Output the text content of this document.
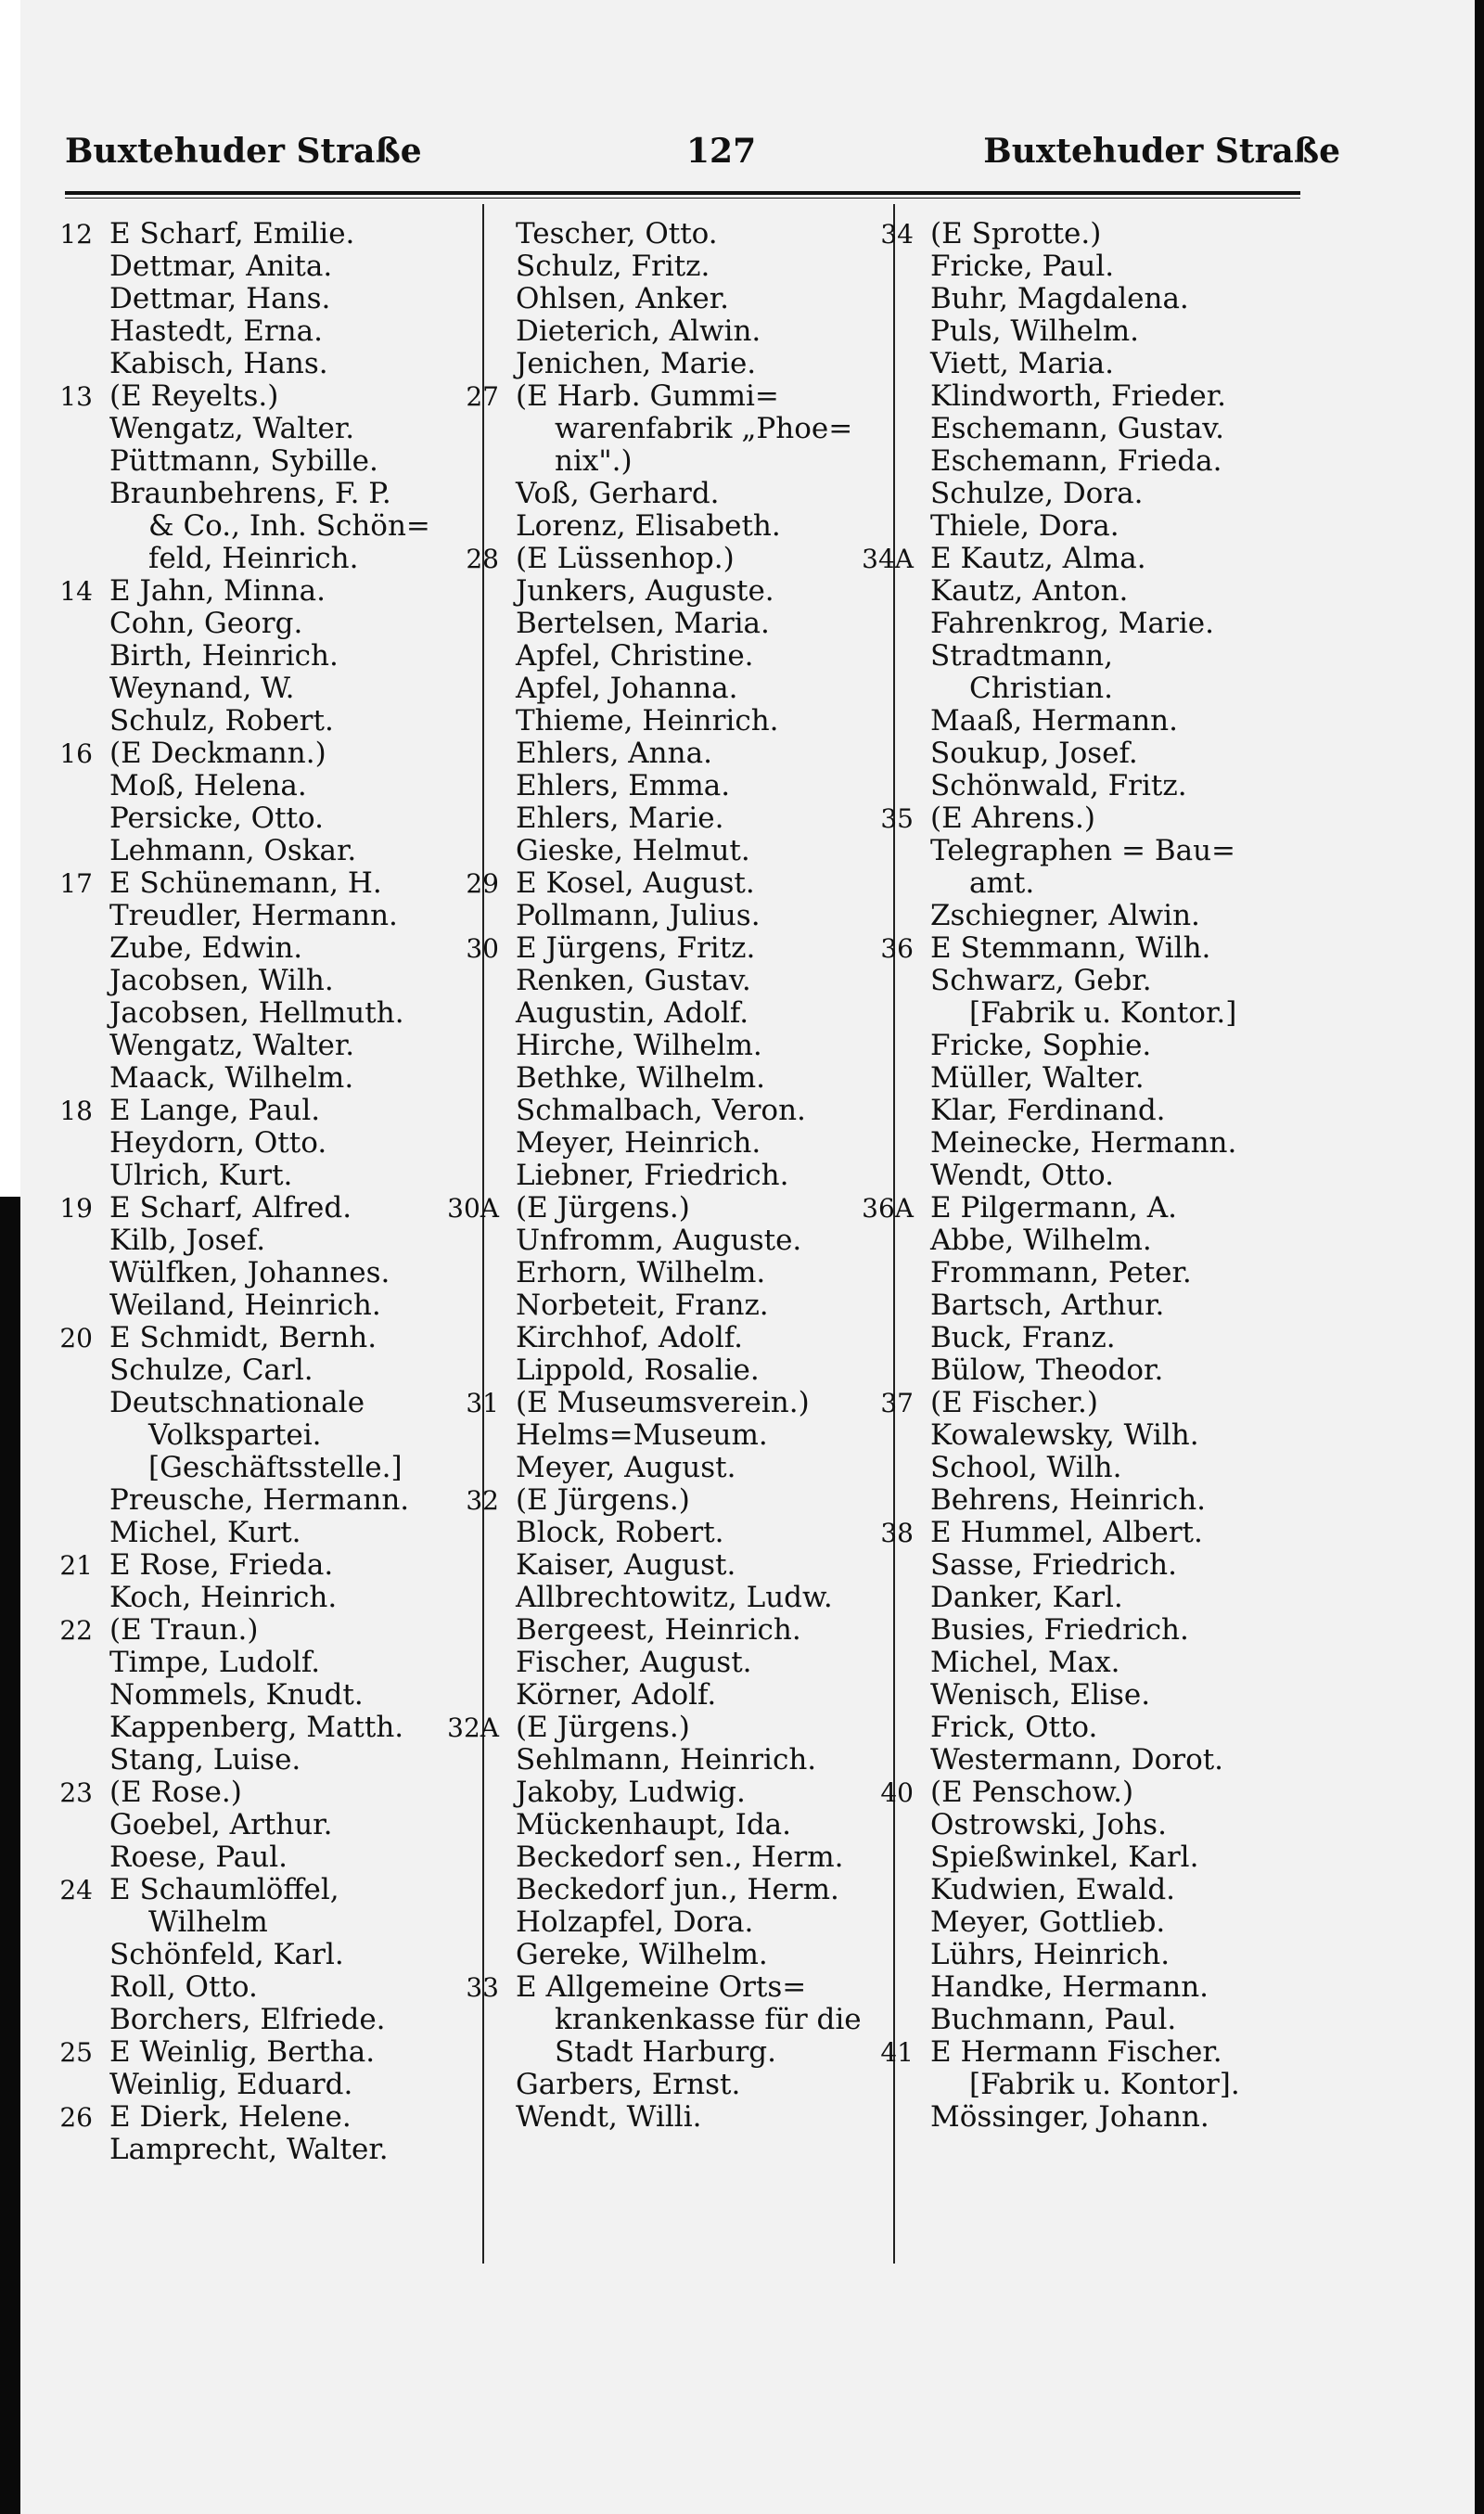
Buxtehuder Straße	127	Buxtehuder Straße
12 E Scharf, Emilie.
Dettmar, Anita.
Dettmar, Hans.
Hastedt, Erna.
Kabisch, Hans.
13 (E Reyelts.)
Wengatz, Walter.
Püttmann, Sybille.
Braunbehrens, F. P.
& Co., Inh. Schön=
feld, Heinrich.
14 E Jahn, Minna.
Cohn, Georg.
Birth, Heinrich.
Weynand, W.
Schulz, Robert.
16 (E Deckmann.)
Moß, Helena.
Persicke, Otto.
Lehmann, Oskar.
17 E Schünemann, H.
Treudler, Hermann.
Zube, Edwin.
Jacobsen, Wilh.
Jacobsen, Hellmuth.
Wengatz, Walter.
Maack, Wilhelm.
18 E Lange, Paul.
Heydorn, Otto.
Ulrich, Kurt.
19 E Scharf, Alfred.
Kilb, Josef.
Wülfken, Johannes.
Weiland, Heinrich.
20 E Schmidt, Bernh.
Schulze, Carl.
Deutschnationale
Volkspartei.
[Geschäftsstelle.]
Preusche, Hermann.
Michel, Kurt.
21 E Rose, Frieda.
Koch, Heinrich.
22 (E Traun.)
Timpe, Ludolf.
Nommels, Knudt.
Kappenberg, Matth.
Stang, Luise.
23 (E Rose.)
Goebel, Arthur.
Roese, Paul.
24 E Schaumlöffel,
Wilhelm
Schönfeld, Karl.
Roll, Otto.
Borchers, Elfriede.
25 E Weinlig, Bertha.
Weinlig, Eduard.
26 E Dierk, Helene.
Lamprecht, Walter.
Tescher, Otto.
Schulz, Fritz.
Ohlsen, Anker.
Dieterich, Alwin.
Jenichen, Marie.
27 (E Harb. Gummi=
warenfabrik „Phoe=
nix".)
Voß, Gerhard.
Lorenz, Elisabeth.
28 (E Lüssenhop.)
Junkers, Auguste.
Bertelsen, Maria.
Apfel, Christine.
Apfel, Johanna.
Thieme, Heinrich.
Ehlers, Anna.
Ehlers, Emma.
Ehlers, Marie.
Gieske, Helmut.
29 E Kosel, August.
Pollmann, Julius.
30 E Jürgens, Fritz.
Renken, Gustav.
Augustin, Adolf.
Hirche, Wilhelm.
Bethke, Wilhelm.
Schmalbach, Veron.
Meyer, Heinrich.
Liebner, Friedrich.
30A (E Jürgens.)
Unfromm, Auguste.
Erhorn, Wilhelm.
Norbeteit, Franz.
Kirchhof, Adolf.
Lippold, Rosalie.
31 (E Museumsverein.)
Helms=Museum.
Meyer, August.
32 (E Jürgens.)
Block, Robert.
Kaiser, August.
Allbrechtowitz, Ludw.
Bergeest, Heinrich.
Fischer, August.
Körner, Adolf.
32A (E Jürgens.)
Sehlmann, Heinrich.
Jakoby, Ludwig.
Mückenhaupt, Ida.
Beckedorf sen., Herm.
Beckedorf jun., Herm.
Holzapfel, Dora.
Gereke, Wilhelm.
33 E Allgemeine Orts=
krankenkasse für die
Stadt Harburg.
Garbers, Ernst.
Wendt, Willi.
34 (E Sprotte.)
Fricke, Paul.
Buhr, Magdalena.
Puls, Wilhelm.
Viett, Maria.
Klindworth, Frieder.
Eschemann, Gustav.
Eschemann, Frieda.
Schulze, Dora.
Thiele, Dora.
34A E Kautz, Alma.
Kautz, Anton.
Fahrenkrog, Marie.
Stradtmann,
Christian.
Maaß, Hermann.
Soukup, Josef.
Schönwald, Fritz.
35 (E Ahrens.)
Telegraphen = Bau=
amt.
Zschiegner, Alwin.
36 E Stemmann, Wilh.
Schwarz, Gebr.
[Fabrik u. Kontor.]
Fricke, Sophie.
Müller, Walter.
Klar, Ferdinand.
Meinecke, Hermann.
Wendt, Otto.
36A E Pilgermann, A.
Abbe, Wilhelm.
Frommann, Peter.
Bartsch, Arthur.
Buck, Franz.
Bülow, Theodor.
37 (E Fischer.)
Kowalewsky, Wilh.
School, Wilh.
Behrens, Heinrich.
38 E Hummel, Albert.
Sasse, Friedrich.
Danker, Karl.
Busies, Friedrich.
Michel, Max.
Wenisch, Elise.
Frick, Otto.
Westermann, Dorot.
40 (E Penschow.)
Ostrowski, Johs.
Spießwinkel, Karl.
Kudwien, Ewald.
Meyer, Gottlieb.
Lührs, Heinrich.
Handke, Hermann.
Buchmann, Paul.
41 E Hermann Fischer.
[Fabrik u. Kontor].
Mössinger, Johann.
